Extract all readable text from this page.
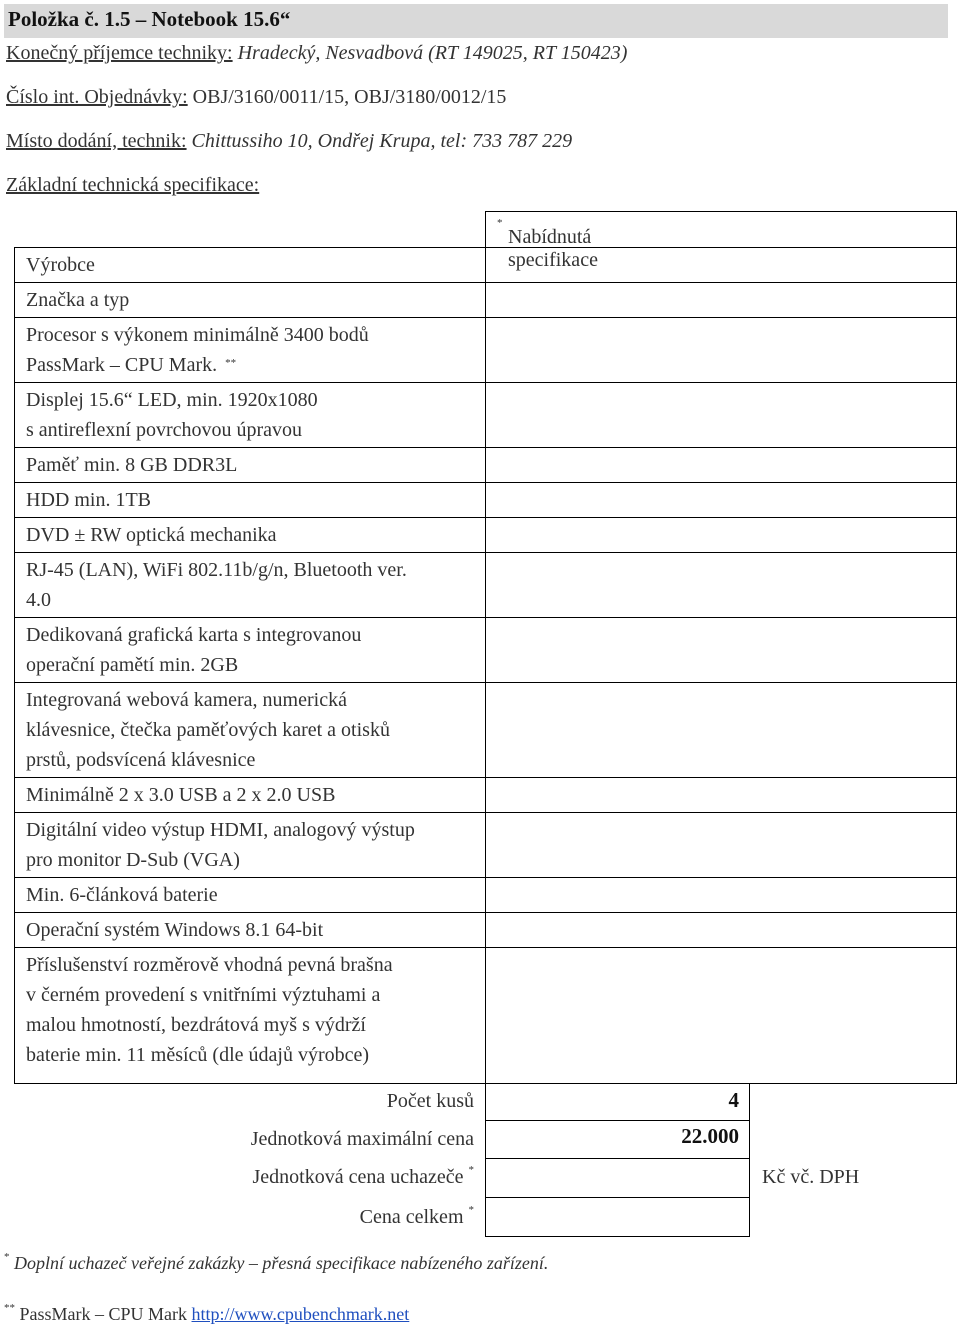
Položka č. 1.5 – Notebook 15.6“
Konečný příjemce techniky: Hradecký, Nesvadbová (RT 149025, RT 150423)
Číslo int. Objednávky: OBJ/3160/0011/15, OBJ/3180/0012/15
Místo dodání, technik: Chittussiho 10, Ondřej Krupa, tel: 733 787 229
Základní technická specifikace:
Nabídnutá specifikace
*
Výrobce
Značka a typ
Procesor s výkonem minimálně 3400 bodů
PassMark – CPU Mark. **
Displej 15.6“ LED, min. 1920x1080
s antireflexní povrchovou úpravou
Paměť min. 8 GB DDR3L
HDD min. 1TB
DVD ± RW optická mechanika
RJ-45 (LAN), WiFi 802.11b/g/n, Bluetooth ver.
4.0
Dedikovaná grafická karta s integrovanou
operační pamětí min. 2GB
Integrovaná webová kamera, numerická
klávesnice, čtečka paměťových karet a otisků
prstů, podsvícená klávesnice
Minimálně 2 x 3.0 USB a 2 x 2.0 USB
Digitální video výstup HDMI, analogový výstup
pro monitor D-Sub (VGA)
Min. 6-článková baterie
Operační systém Windows 8.1 64-bit
Příslušenství rozměrově vhodná pevná brašna
v černém provedení s vnitřními výztuhami a
malou hmotností, bezdrátová myš s výdrží
baterie min. 11 měsíců (dle údajů výrobce)
Počet kusů
Jednotková maximální cena
Jednotková cena uchazeče *
Cena celkem *
4
22.000
Kč vč. DPH
* Doplní uchazeč veřejné zakázky – přesná specifikace nabízeného zařízení.
** PassMark – CPU Mark http://www.cpubenchmark.net
